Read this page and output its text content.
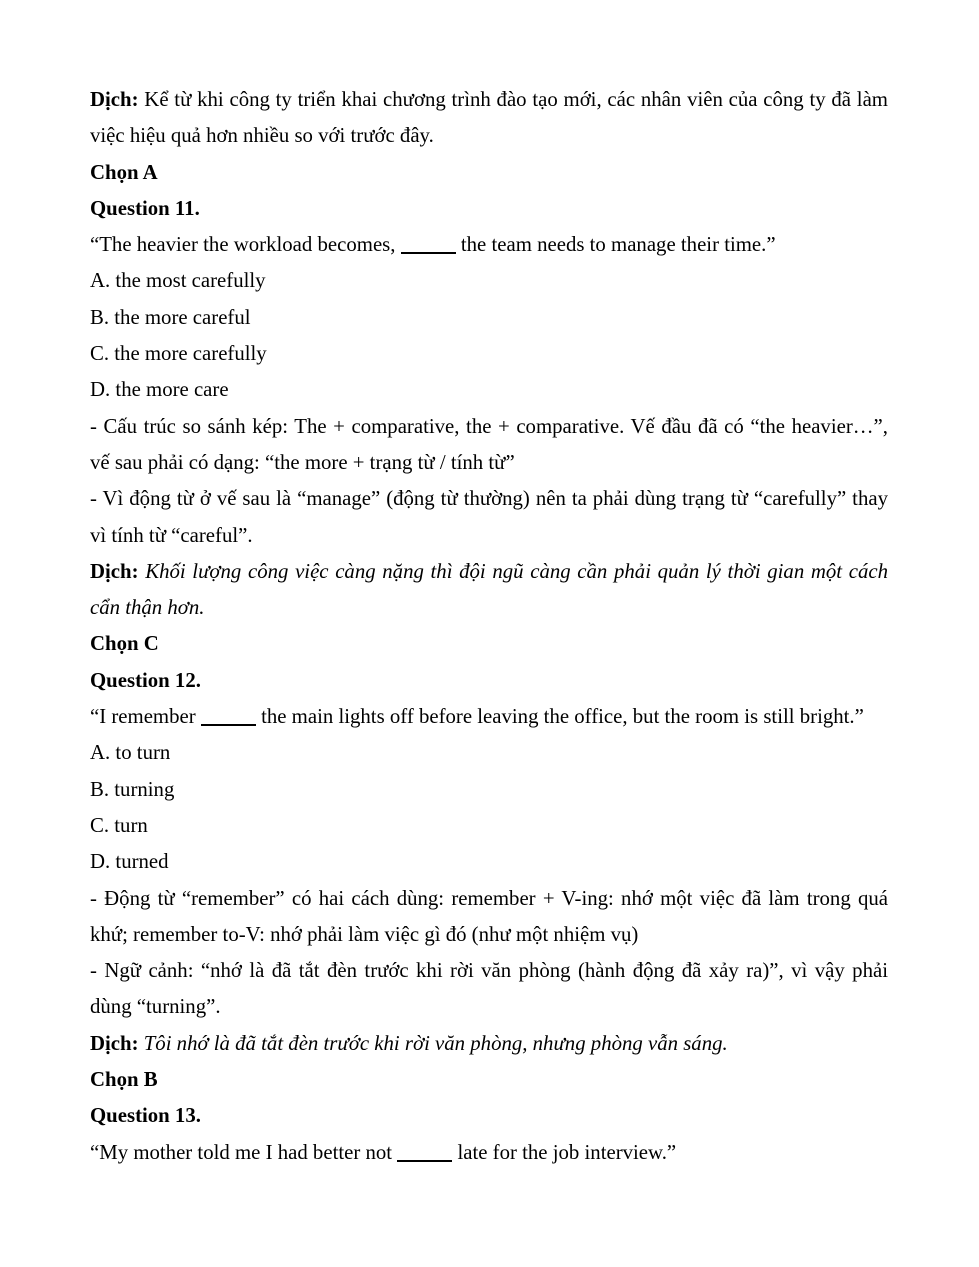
Dịch: Kể từ khi công ty triển khai chương trình đào tạo mới, các nhân viên của công ty đã làm việc hiệu quả hơn nhiều so với trước đây.

Chọn A

Question 11.

“The heavier the workload becomes,	the team needs to manage their time.”

A. the most carefully

B. the more careful

C. the more carefully

D. the more care

- Cấu trúc so sánh kép: The + comparative, the + comparative. Vế đầu đã có “the heavier…”, vế sau phải có dạng: “the more + trạng từ / tính từ”

- Vì động từ ở vế sau là “manage” (động từ thường) nên ta phải dùng trạng từ “carefully” thay vì tính từ “careful”.

Dịch: Khối lượng công việc càng nặng thì đội ngũ càng cần phải quản lý thời gian một cách cẩn thận hơn.

Chọn C

Question 12.

“I remember	the main lights off before leaving the office, but the room is still bright.”

A. to turn

B. turning

C. turn

D. turned

- Động từ “remember” có hai cách dùng: remember + V-ing: nhớ một việc đã làm trong quá khứ; remember to-V: nhớ phải làm việc gì đó (như một nhiệm vụ)

- Ngữ cảnh: “nhớ là đã tắt đèn trước khi rời văn phòng (hành động đã xảy ra)”, vì vậy phải dùng “turning”.

Dịch: Tôi nhớ là đã tắt đèn trước khi rời văn phòng, nhưng phòng vẫn sáng.

Chọn B

Question 13.

“My mother told me I had better not	late for the job interview.”
